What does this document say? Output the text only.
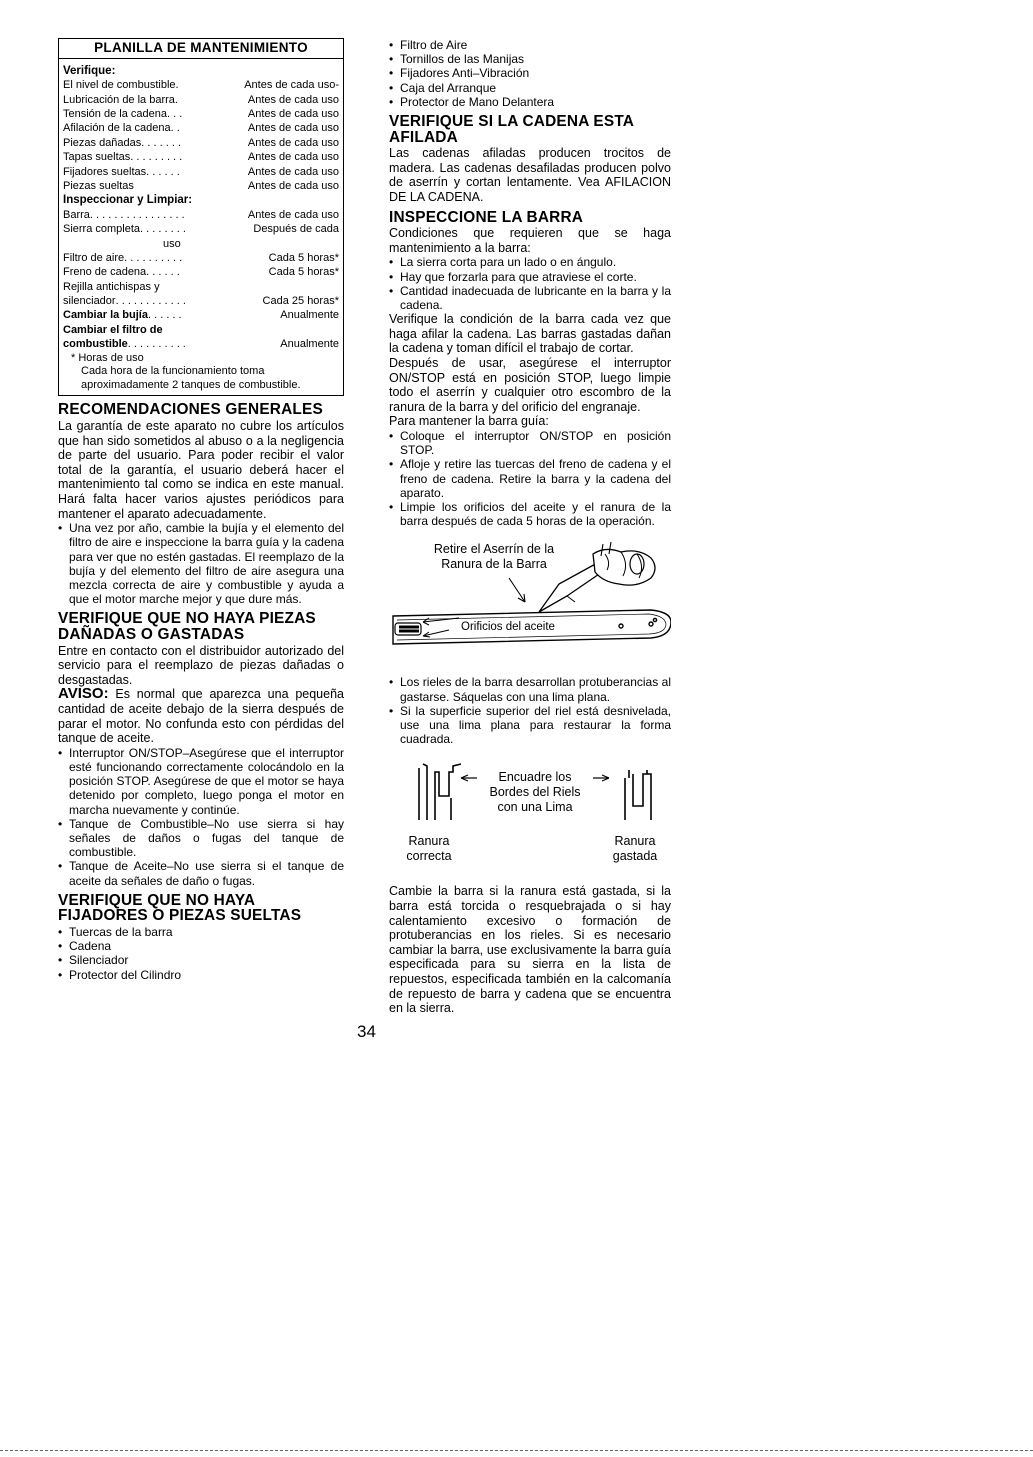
PLANILLA DE MANTENIMIENTO
Verifique:
El nivel de combustible .	Antes de cada uso-
Lubricación de la barra .	Antes de cada uso
Tensión de la cadena . . .	Antes de cada uso
Afilación de la cadena . .	Antes de cada uso
Piezas dañadas . . . . . . .	Antes de cada uso
Tapas sueltas . . . . . . . . .	Antes de cada uso
Fijadores sueltas . . . . . .	Antes de cada uso
Piezas sueltas	Antes de cada uso
Inspeccionar y Limpiar:
Barra . . . . . . . . . . . . . . . .	Antes de cada uso
Sierra completa . . . . . . . .	Después de cada
uso
Filtro de aire . . . . . . . . . .	Cada 5 horas*
Freno de cadena . . . . . .	Cada 5 horas*
Rejilla antichispas y
silenciador . . . . . . . . . . . .	Cada 25 horas*
Cambiar la bujía . . . . . .	Anualmente
Cambiar el filtro de
combustible . . . . . . . . . .	Anualmente
* Horas de uso
Cada hora de la funcionamiento toma aproximadamente 2 tanques de combustible.
RECOMENDACIONES GENERALES

La garantía de este aparato no cubre los artículos que han sido sometidos al abuso o a la negligencia de parte del usuario. Para poder recibir el valor total de la garantía, el usuario deberá hacer el mantenimiento tal como se indica en este manual. Hará falta hacer varios ajustes periódicos para mantener el aparato adecuadamente.

• Una vez por año, cambie la bujía y el elemento del filtro de aire e inspeccione la barra guía y la cadena para ver que no estén gastadas. El reemplazo de la bujía y del elemento del filtro de aire asegura una mezcla correcta de aire y combustible y ayuda a que el motor marche mejor y que dure más.
VERIFIQUE QUE NO HAYA PIEZAS DAÑADAS O GASTADAS

Entre en contacto con el distribuidor autorizado del servicio para el reemplazo de piezas dañadas o desgastadas.

AVISO: Es normal que aparezca una pequeña cantidad de aceite debajo de la sierra después de parar el motor. No confunda esto con pérdidas del tanque de aceite.

• Interruptor ON/STOP–Asegúrese que el interruptor esté funcionando correctamente colocándolo en la posición STOP. Asegúrese de que el motor se haya detenido por completo, luego ponga el motor en marcha nuevamente y continúe.
• Tanque de Combustible–No use sierra si hay señales de daños o fugas del tanque de combustible.
• Tanque de Aceite–No use sierra si el tanque de aceite da señales de daño o fugas.
VERIFIQUE QUE NO HAYA FIJADORES O PIEZAS SUELTAS
• Tuercas de la barra
• Cadena
• Silenciador
• Protector del Cilindro
• Filtro de Aire
• Tornillos de las Manijas
• Fijadores Anti–Vibración
• Caja del Arranque
• Protector de Mano Delantera
VERIFIQUE SI LA CADENA ESTA AFILADA

Las cadenas afiladas producen trocitos de madera. Las cadenas desafiladas producen polvo de aserrín y cortan lentamente. Vea AFILACION DE LA CADENA.

INSPECCIONE LA BARRA

Condiciones que requieren que se haga mantenimiento a la barra:

• La sierra corta para un lado o en ángulo.
• Hay que forzarla para que atraviese el corte.
• Cantidad inadecuada de lubricante en la barra y la cadena.

Verifique la condición de la barra cada vez que haga afilar la cadena. Las barras gastadas dañan la cadena y toman difícil el trabajo de cortar.

Después de usar, asegúrese el interruptor ON/STOP está en posición STOP, luego limpie todo el aserrín y cualquier otro escombro de la ranura de la barra y del orificio del engranaje.

Para mantener la barra guía:

• Coloque el interruptor ON/STOP en posición STOP.
• Afloje y retire las tuercas del freno de cadena y el freno de cadena. Retire la barra y la cadena del aparato.
• Limpie los orificios del aceite y el ranura de la barra después de cada 5 horas de la operación.
Retire el Aserrín de la
Ranura de la Barra
Orificios del aceite
• Los rieles de la barra desarrollan protuberancias al gastarse. Sáquelas con una lima plana.
• Si la superficie superior del riel está desnivelada, use una lima plana para restaurar la forma cuadrada.
Encuadre los
Bordes del Riels
con una Lima
Ranura
correcta
Ranura
gastada

Cambie la barra si la ranura está gastada, si la barra está torcida o resquebrajada o si hay calentamiento excesivo o formación de protuberancias en los rieles. Si es necesario cambiar la barra, use exclusivamente la barra guía especificada para su sierra en la lista de repuestos, especificada también en la calcomanía de repuesto de barra y cadena que se encuentra en la sierra.

34
